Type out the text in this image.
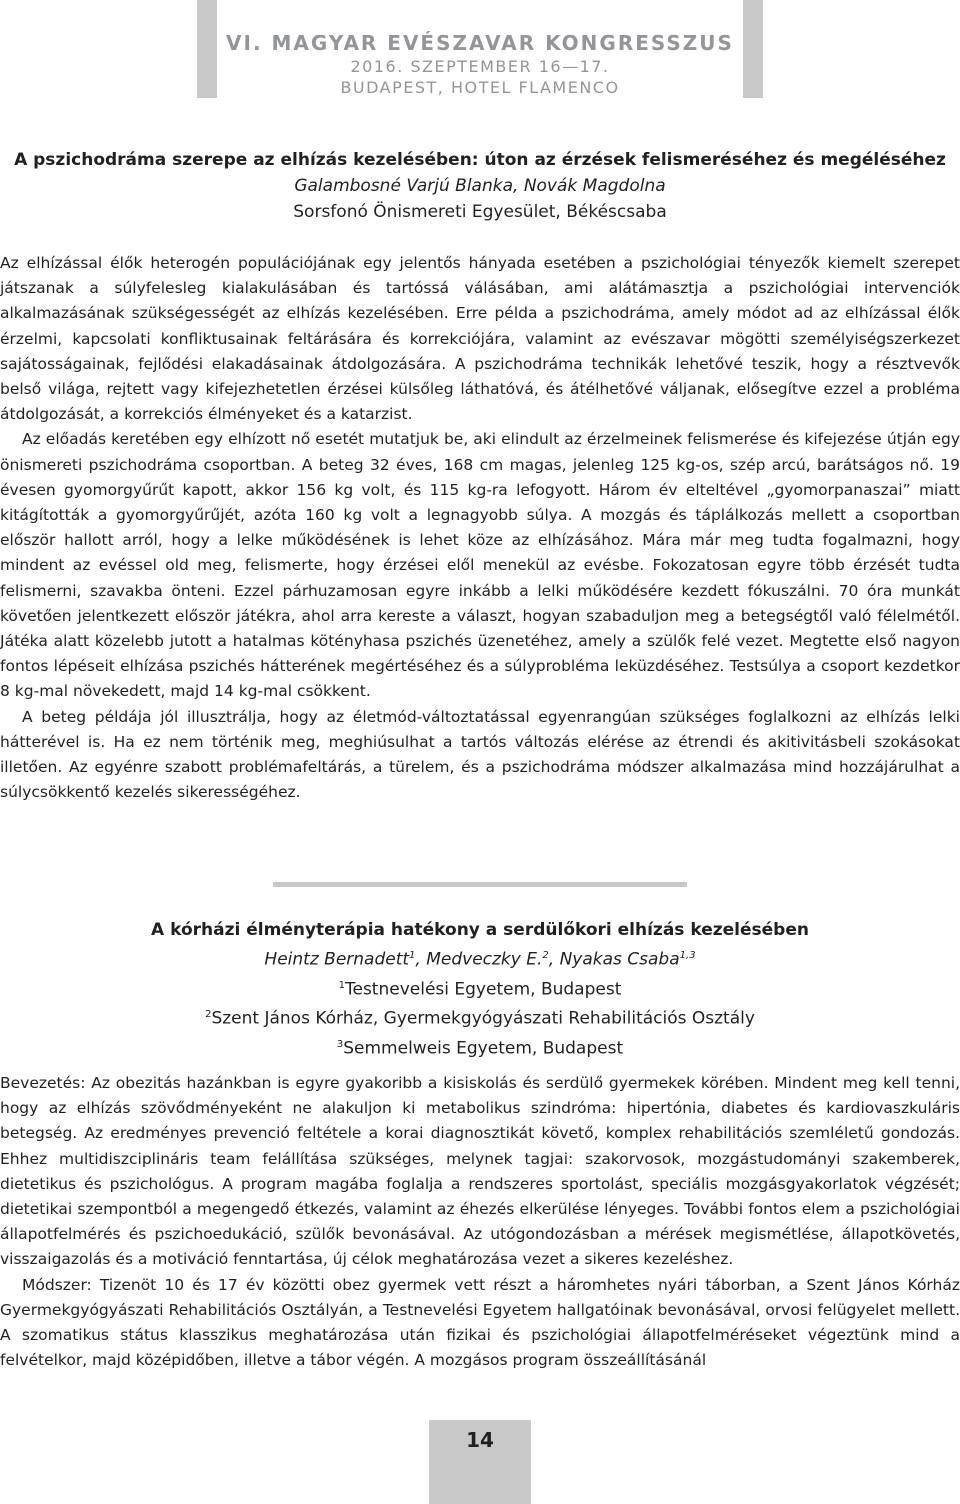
VI. MAGYAR EVÉSZAVAR KONGRESSZUS
2016. SZEPTEMBER 16—17.
BUDAPEST, HOTEL FLAMENCO
A pszichodráma szerepe az elhízás kezelésében: úton az érzések felismeréséhez és megéléséhez
Galambosné Varjú Blanka, Novák Magdolna
Sorsfonó Önismereti Egyesület, Békéscsaba

Az elhízással élők heterogén populációjának egy jelentős hányada esetében a pszichológiai tényezők kiemelt szerepet játszanak a súlyfelesleg kialakulásában és tartóssá válásában, ami alátámasztja a pszichológiai intervenciók alkalmazásának szükségességét az elhízás kezelésében. Erre példa a pszichodráma, amely módot ad az elhízással élők érzelmi, kapcsolati konfliktusainak feltárására és korrekciójára, valamint az evészavar mögötti személyiségszerkezet sajátosságainak, fejlődési elakadásainak átdolgozására. A pszichodráma technikák lehetővé teszik, hogy a résztvevők belső világa, rejtett vagy kifejezhetetlen érzései külsőleg láthatóvá, és átélhetővé váljanak, elősegítve ezzel a probléma átdolgozását, a korrekciós élményeket és a katarzist.

Az előadás keretében egy elhízott nő esetét mutatjuk be, aki elindult az érzelmeinek felismerése és kifejezése útján egy önismereti pszichodráma csoportban. A beteg 32 éves, 168 cm magas, jelenleg 125 kg-os, szép arcú, barátságos nő. 19 évesen gyomorgyűrűt kapott, akkor 156 kg volt, és 115 kg-ra lefogyott. Három év elteltével „gyomorpanaszai” miatt kitágították a gyomorgyűrűjét, azóta 160 kg volt a legnagyobb súlya. A mozgás és táplálkozás mellett a csoportban először hallott arról, hogy a lelke működésének is lehet köze az elhízásához. Mára már meg tudta fogalmazni, hogy mindent az evéssel old meg, felismerte, hogy érzései elől menekül az evésbe. Fokozatosan egyre több érzését tudta felismerni, szavakba önteni. Ezzel párhuzamosan egyre inkább a lelki működésére kezdett fókuszálni. 70 óra munkát követően jelentkezett először játékra, ahol arra kereste a választ, hogyan szabaduljon meg a betegségtől való félelmétől. Játéka alatt közelebb jutott a hatalmas kötényhasa pszichés üzenetéhez, amely a szülők felé vezet. Megtette első nagyon fontos lépéseit elhízása pszichés hátterének megértéséhez és a súlyprobléma leküzdéséhez. Testsúlya a csoport kezdetkor 8 kg-mal növekedett, majd 14 kg-mal csökkent.

A beteg példája jól illusztrálja, hogy az életmód-változtatással egyenrangúan szükséges foglalkozni az elhízás lelki hátterével is. Ha ez nem történik meg, meghiúsulhat a tartós változás elérése az étrendi és akitivitásbeli szokásokat illetően. Az egyénre szabott problémafeltárás, a türelem, és a pszichodráma módszer alkalmazása mind hozzájárulhat a súlycsökkentő kezelés sikerességéhez.

A kórházi élményterápia hatékony a serdülőkori elhízás kezelésében
Heintz Bernadett$^1$, Medveczky E.$^2$, Nyakas Csaba$^{1,3}$
$^1$Testnevelési Egyetem, Budapest
$^2$Szent János Kórház, Gyermekgyógyászati Rehabilitációs Osztály
$^3$Semmelweis Egyetem, Budapest

Bevezetés: Az obezitás hazánkban is egyre gyakoribb a kisiskolás és serdülő gyermekek körében. Mindent meg kell tenni, hogy az elhízás szövődményeként ne alakuljon ki metabolikus szindróma: hipertónia, diabetes és kardiovaszkuláris betegség. Az eredményes prevenció feltétele a korai diagnosztikát követő, komplex rehabilitációs szemléletű gondozás. Ehhez multidiszciplináris team felállítása szükséges, melynek tagjai: szakorvosok, mozgástudományi szakemberek, dietetikus és pszichológus. A program magába foglalja a rendszeres sportolást, speciális mozgásgyakorlatok végzését; dietetikai szempontból a megengedő étkezés, valamint az éhezés elkerülése lényeges. További fontos elem a pszichológiai állapotfelmérés és pszichoedukáció, szülők bevonásával. Az utógondozásban a mérések megismétlése, állapotkövetés, visszaigazolás és a motiváció fenntartása, új célok meghatározása vezet a sikeres kezeléshez.

Módszer: Tizenöt 10 és 17 év közötti obez gyermek vett részt a háromhetes nyári táborban, a Szent János Kórház Gyermekgyógyászati Rehabilitációs Osztályán, a Testnevelési Egyetem hallgatóinak bevonásával, orvosi felügyelet mellett. A szomatikus státus klasszikus meghatározása után fizikai és pszichológiai állapotfelméréseket végeztünk mind a felvételkor, majd középidőben, illetve a tábor végén. A mozgásos program összeállításánál

14
